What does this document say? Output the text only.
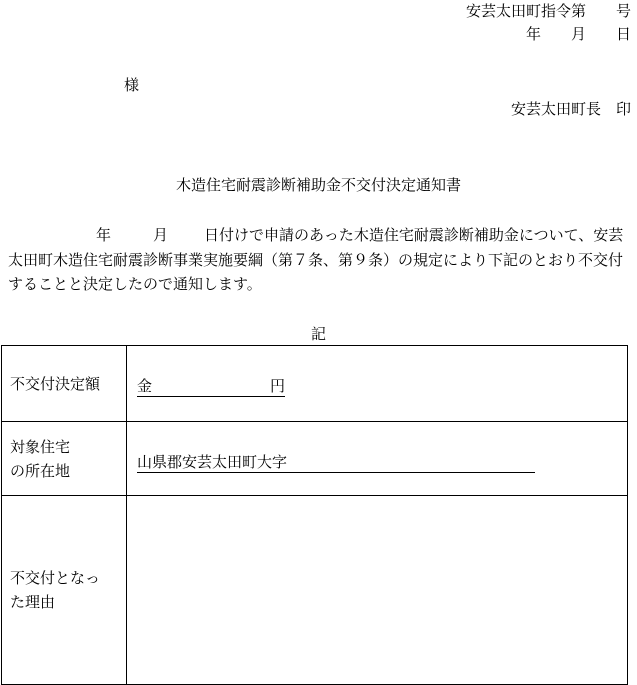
安芸太田町指令第　　号
年　　月　　日
様
安芸太田町長　印
木造住宅耐震診断補助金不交付決定通知書
年	月 日付けで申請のあった木造住宅耐震診断補助金について、安芸太田町木造住宅耐震診断事業実施要綱（第７条、第９条）の規定により下記のとおり不交付することと決定したので通知します。
記
不交付決定額	金 円

対象住宅
の所在地	山県郡安芸太田町大字
不交付となっ
た理由	
